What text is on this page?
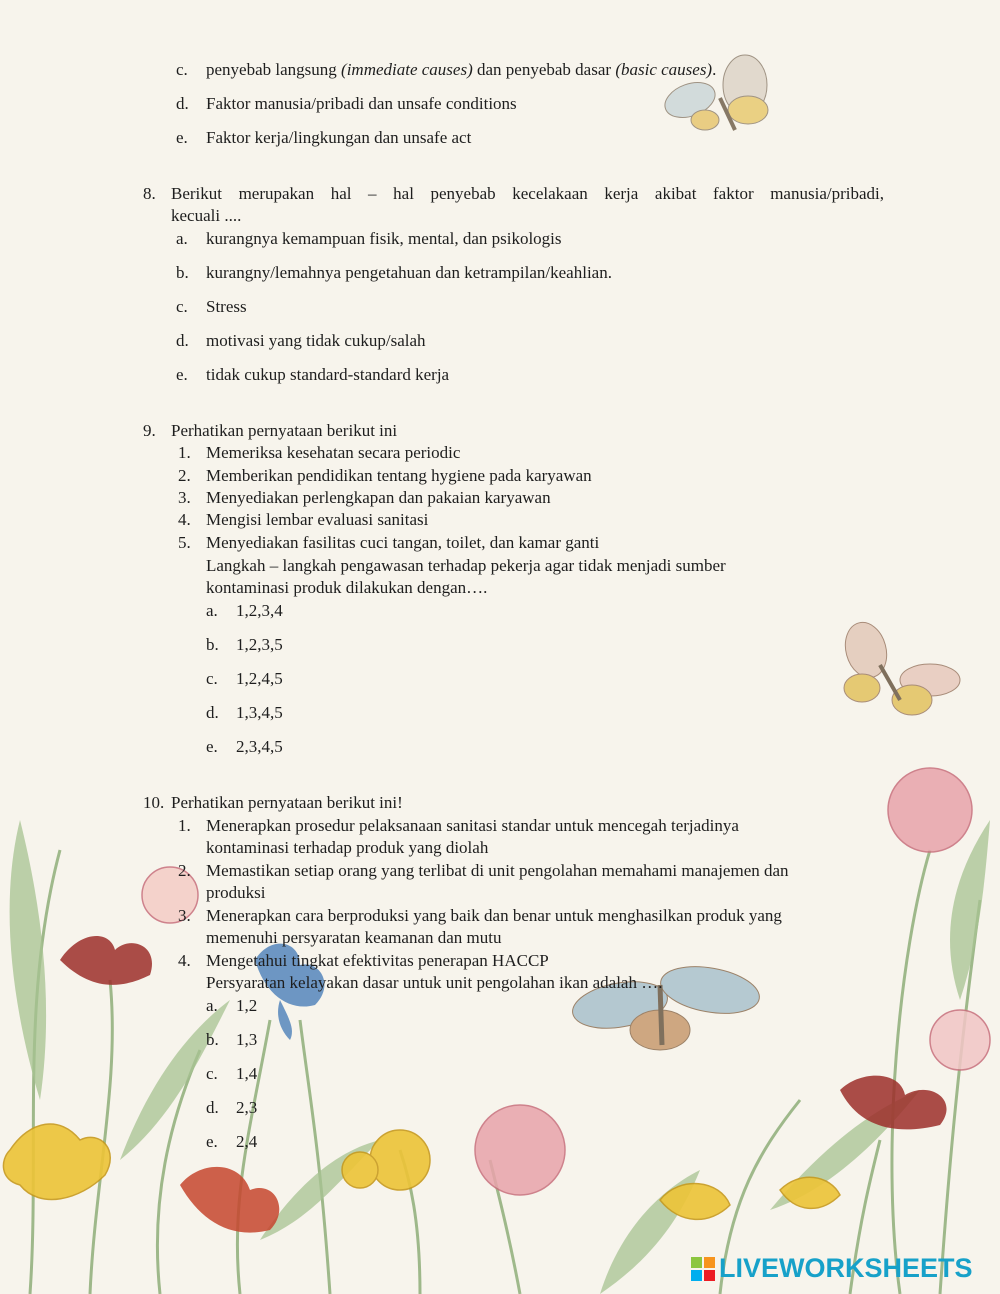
c. penyebab langsung (immediate causes) dan penyebab dasar (basic causes).
d. Faktor manusia/pribadi dan unsafe conditions
e. Faktor kerja/lingkungan dan unsafe act
8. Berikut merupakan hal – hal penyebab kecelakaan kerja akibat faktor manusia/pribadi,
kecuali ....
a. kurangnya kemampuan fisik, mental, dan psikologis
b. kurangny/lemahnya pengetahuan dan ketrampilan/keahlian.
c. Stress
d. motivasi yang tidak cukup/salah
e. tidak cukup standard-standard kerja
9. Perhatikan pernyataan berikut ini
1. Memeriksa kesehatan secara periodic
2. Memberikan pendidikan tentang hygiene pada karyawan
3. Menyediakan perlengkapan dan pakaian karyawan
4. Mengisi lembar evaluasi sanitasi
5. Menyediakan fasilitas cuci tangan, toilet, dan kamar ganti
Langkah – langkah pengawasan terhadap pekerja agar tidak menjadi sumber
kontaminasi produk dilakukan dengan….
a. 1,2,3,4
b. 1,2,3,5
c. 1,2,4,5
d. 1,3,4,5
e. 2,3,4,5
10. Perhatikan pernyataan berikut ini!
1. Menerapkan prosedur pelaksanaan sanitasi standar untuk mencegah terjadinya
kontaminasi terhadap produk yang diolah
2. Memastikan setiap orang yang terlibat di unit pengolahan memahami manajemen dan
produksi
3. Menerapkan cara berproduksi yang baik dan benar untuk menghasilkan produk yang
memenuhi persyaratan keamanan dan mutu
4. Mengetahui tingkat efektivitas penerapan HACCP
Persyaratan kelayakan dasar untuk unit pengolahan ikan adalah ….
a. 1,2
b. 1,3
c. 1,4
d. 2,3
e. 2,4
LIVEWORKSHEETS
